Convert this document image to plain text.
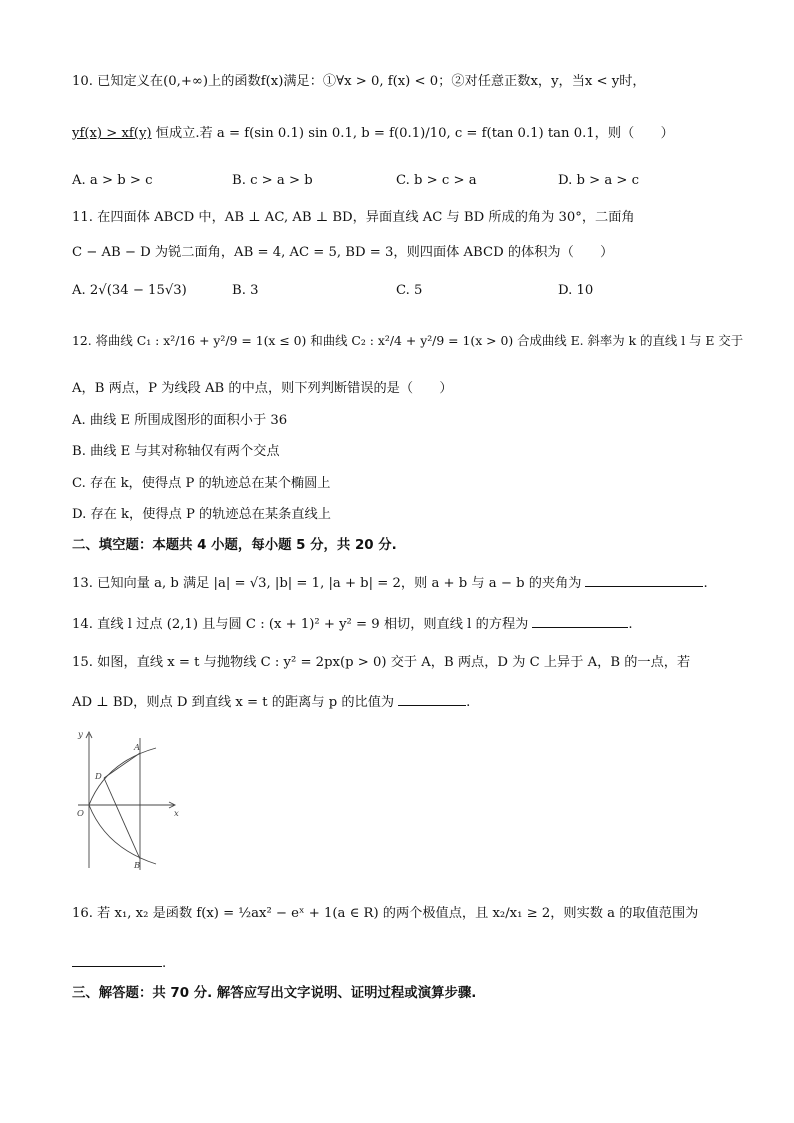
10. 已知定义在(0,+∞)上的函数f(x)满足：①∀x > 0, f(x) < 0；②对任意正数x，y，当x < y时，
yf(x) > xf(y) 恒成立.若 a = f(sin 0.1) sin 0.1, b = f(0.1)/10, c = f(tan 0.1) tan 0.1，则（　　）
A. a > b > c	B. c > a > b	C. b > c > a	D. b > a > c
11. 在四面体 ABCD 中，AB ⊥ AC, AB ⊥ BD，异面直线 AC 与 BD 所成的角为 30°，二面角
C − AB − D 为锐二面角，AB = 4, AC = 5, BD = 3，则四面体 ABCD 的体积为（　　）
A. 2√(34 − 15√3)	B. 3	C. 5	D. 10
12. 将曲线 C₁ : x²/16 + y²/9 = 1(x ≤ 0) 和曲线 C₂ : x²/4 + y²/9 = 1(x > 0) 合成曲线 E. 斜率为 k 的直线 l 与 E 交于
A，B 两点，P 为线段 AB 的中点，则下列判断错误的是（　　）
A. 曲线 E 所围成图形的面积小于 36
B. 曲线 E 与其对称轴仅有两个交点
C. 存在 k，使得点 P 的轨迹总在某个椭圆上
D. 存在 k，使得点 P 的轨迹总在某条直线上
二、填空题：本题共 4 小题，每小题 5 分，共 20 分.
13. 已知向量 a, b 满足 |a| = √3, |b| = 1, |a + b| = 2，则 a + b 与 a − b 的夹角为	.
14. 直线 l 过点 (2,1) 且与圆 C : (x + 1)² + y² = 9 相切，则直线 l 的方程为	.
15. 如图，直线 x = t 与抛物线 C : y² = 2px(p > 0) 交于 A，B 两点，D 为 C 上异于 A，B 的一点，若
AD ⊥ BD，则点 D 到直线 x = t 的距离与 p 的比值为	.
y
x
O
A
B
D
16. 若 x₁, x₂ 是函数 f(x) = ½ax² − eˣ + 1(a ∈ R) 的两个极值点，且 x₂/x₁ ≥ 2，则实数 a 的取值范围为
.
三、解答题：共 70 分. 解答应写出文字说明、证明过程或演算步骤.
